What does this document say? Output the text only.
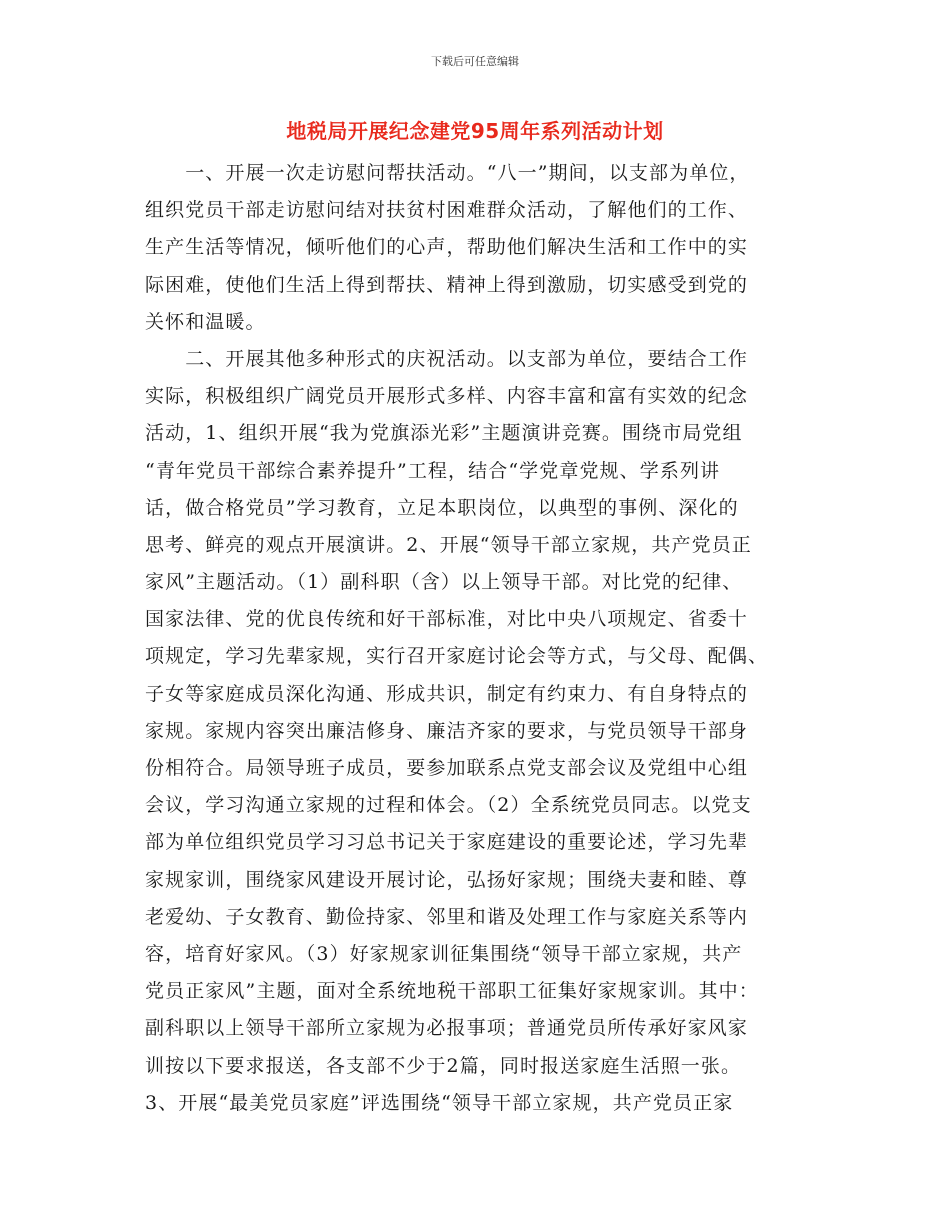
下载后可任意编辑
地税局开展纪念建党95周年系列活动计划
　　一、开展一次走访慰问帮扶活动。“八一”期间，以支部为单位，
组织党员干部走访慰问结对扶贫村困难群众活动，了解他们的工作、
生产生活等情况，倾听他们的心声，帮助他们解决生活和工作中的实
际困难，使他们生活上得到帮扶、精神上得到激励，切实感受到党的
关怀和温暖。
　　二、开展其他多种形式的庆祝活动。以支部为单位，要结合工作
实际，积极组织广阔党员开展形式多样、内容丰富和富有实效的纪念
活动，1、组织开展“我为党旗添光彩”主题演讲竞赛。围绕市局党组
“青年党员干部综合素养提升”工程，结合“学党章党规、学系列讲
话，做合格党员”学习教育，立足本职岗位，以典型的事例、深化的
思考、鲜亮的观点开展演讲。2、开展“领导干部立家规，共产党员正
家风”主题活动。（1）副科职（含）以上领导干部。对比党的纪律、
国家法律、党的优良传统和好干部标准，对比中央八项规定、省委十
项规定，学习先辈家规，实行召开家庭讨论会等方式，与父母、配偶、
子女等家庭成员深化沟通、形成共识，制定有约束力、有自身特点的
家规。家规内容突出廉洁修身、廉洁齐家的要求，与党员领导干部身
份相符合。局领导班子成员，要参加联系点党支部会议及党组中心组
会议，学习沟通立家规的过程和体会。（2）全系统党员同志。以党支
部为单位组织党员学习习总书记关于家庭建设的重要论述，学习先辈
家规家训，围绕家风建设开展讨论，弘扬好家规；围绕夫妻和睦、尊
老爱幼、子女教育、勤俭持家、邻里和谐及处理工作与家庭关系等内
容，培育好家风。（3）好家规家训征集围绕“领导干部立家规，共产
党员正家风”主题，面对全系统地税干部职工征集好家规家训。其中：
副科职以上领导干部所立家规为必报事项；普通党员所传承好家风家
训按以下要求报送，各支部不少于2篇，同时报送家庭生活照一张。
3、开展“最美党员家庭”评选围绕“领导干部立家规，共产党员正家
